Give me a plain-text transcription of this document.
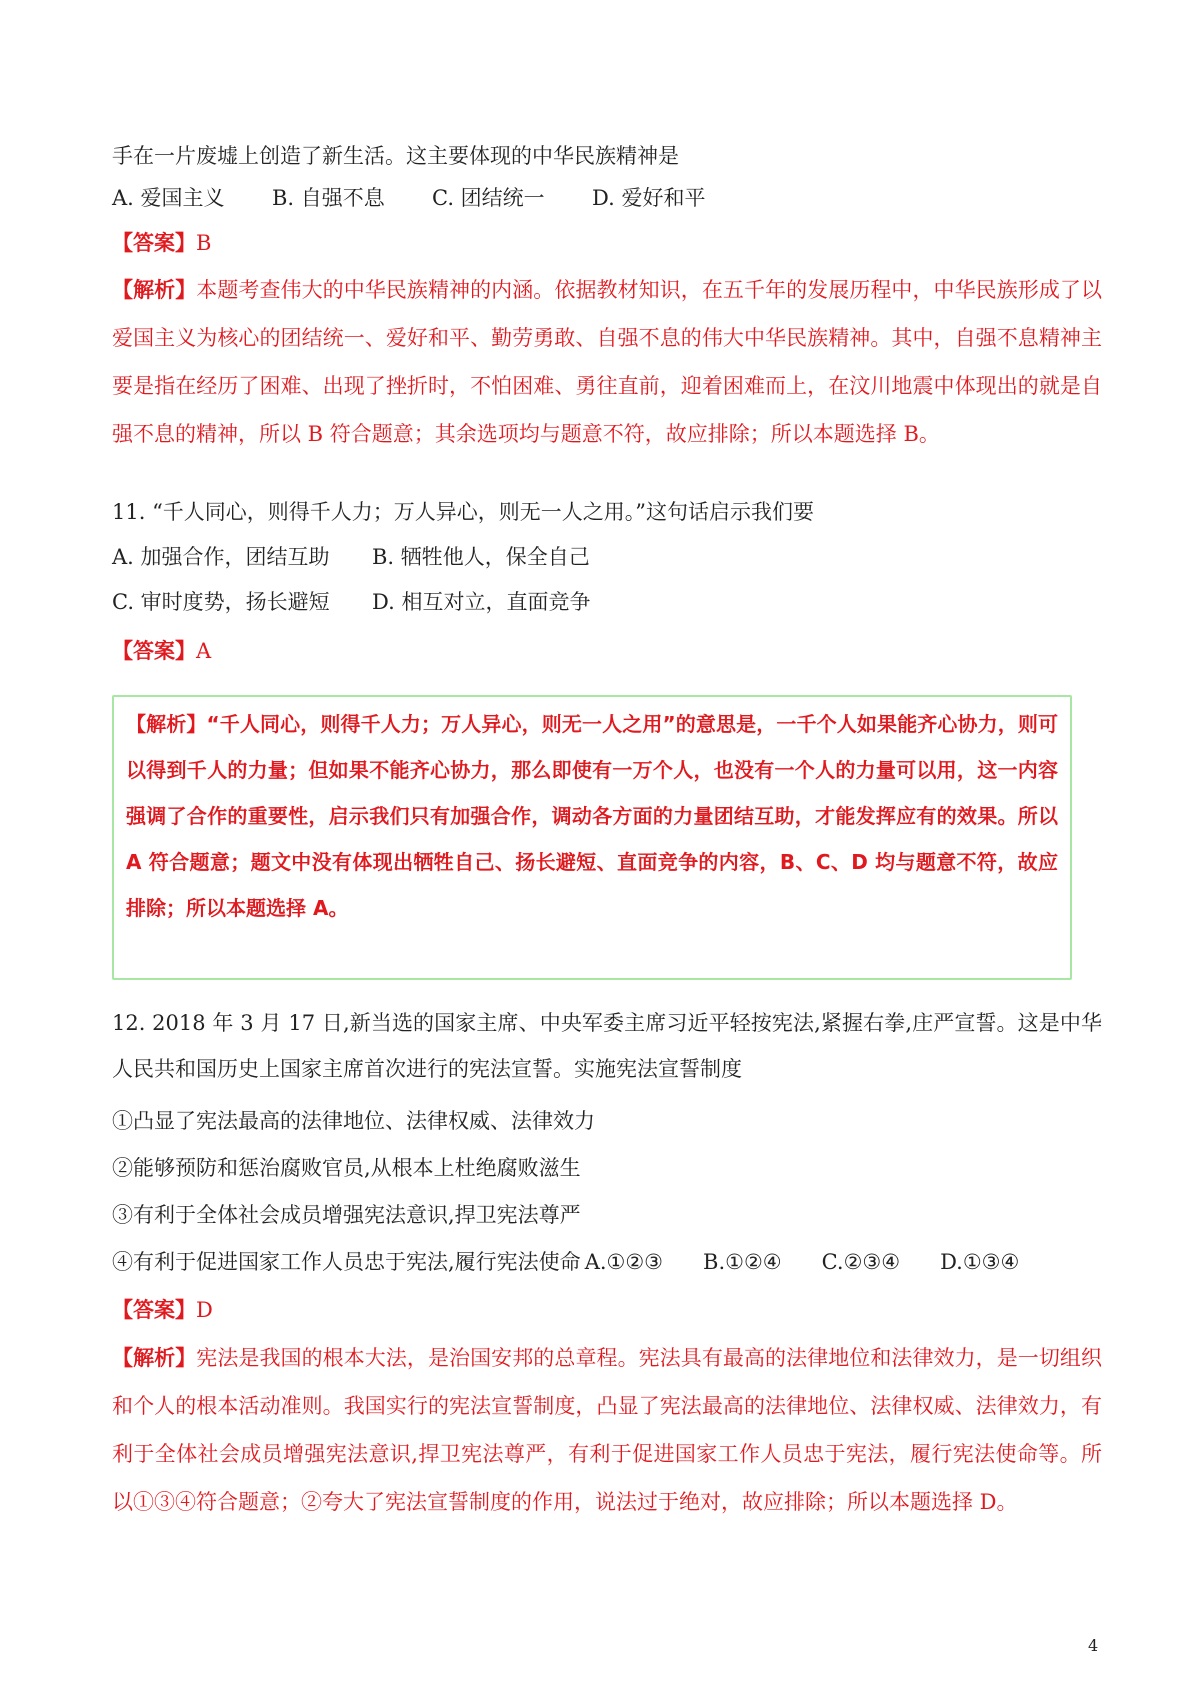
手在一片废墟上创造了新生活。这主要体现的中华民族精神是
A. 爱国主义 B. 自强不息 C. 团结统一 D. 爱好和平
【答案】B
【解析】本题考查伟大的中华民族精神的内涵。依据教材知识，在五千年的发展历程中，中华民族形成了以爱国主义为核心的团结统一、爱好和平、勤劳勇敢、自强不息的伟大中华民族精神。其中，自强不息精神主要是指在经历了困难、出现了挫折时，不怕困难、勇往直前，迎着困难而上，在汶川地震中体现出的就是自强不息的精神，所以 B 符合题意；其余选项均与题意不符，故应排除；所以本题选择 B。
11. “千人同心，则得千人力；万人异心，则无一人之用。”这句话启示我们要
A. 加强合作，团结互助 B. 牺牲他人，保全自己
C. 审时度势，扬长避短 D. 相互对立，直面竞争
【答案】A
【解析】“千人同心，则得千人力；万人异心，则无一人之用”的意思是，一千个人如果能齐心协力，则可以得到千人的力量；但如果不能齐心协力，那么即使有一万个人，也没有一个人的力量可以用，这一内容强调了合作的重要性，启示我们只有加强合作，调动各方面的力量团结互助，才能发挥应有的效果。所以 A 符合题意；题文中没有体现出牺牲自己、扬长避短、直面竞争的内容，B、C、D 均与题意不符，故应排除；所以本题选择 A。
12. 2018 年 3 月 17 日,新当选的国家主席、中央军委主席习近平轻按宪法,紧握右拳,庄严宣誓。这是中华人民共和国历史上国家主席首次进行的宪法宣誓。实施宪法宣誓制度
①凸显了宪法最高的法律地位、法律权威、法律效力
②能够预防和惩治腐败官员,从根本上杜绝腐败滋生
③有利于全体社会成员增强宪法意识,捍卫宪法尊严
④有利于促进国家工作人员忠于宪法,履行宪法使命 A.①②③ B.①②④ C.②③④ D.①③④
【答案】D
【解析】宪法是我国的根本大法，是治国安邦的总章程。宪法具有最高的法律地位和法律效力，是一切组织和个人的根本活动准则。我国实行的宪法宣誓制度，凸显了宪法最高的法律地位、法律权威、法律效力，有利于全体社会成员增强宪法意识,捍卫宪法尊严，有利于促进国家工作人员忠于宪法，履行宪法使命等。所以①③④符合题意；②夸大了宪法宣誓制度的作用，说法过于绝对，故应排除；所以本题选择 D。
4
